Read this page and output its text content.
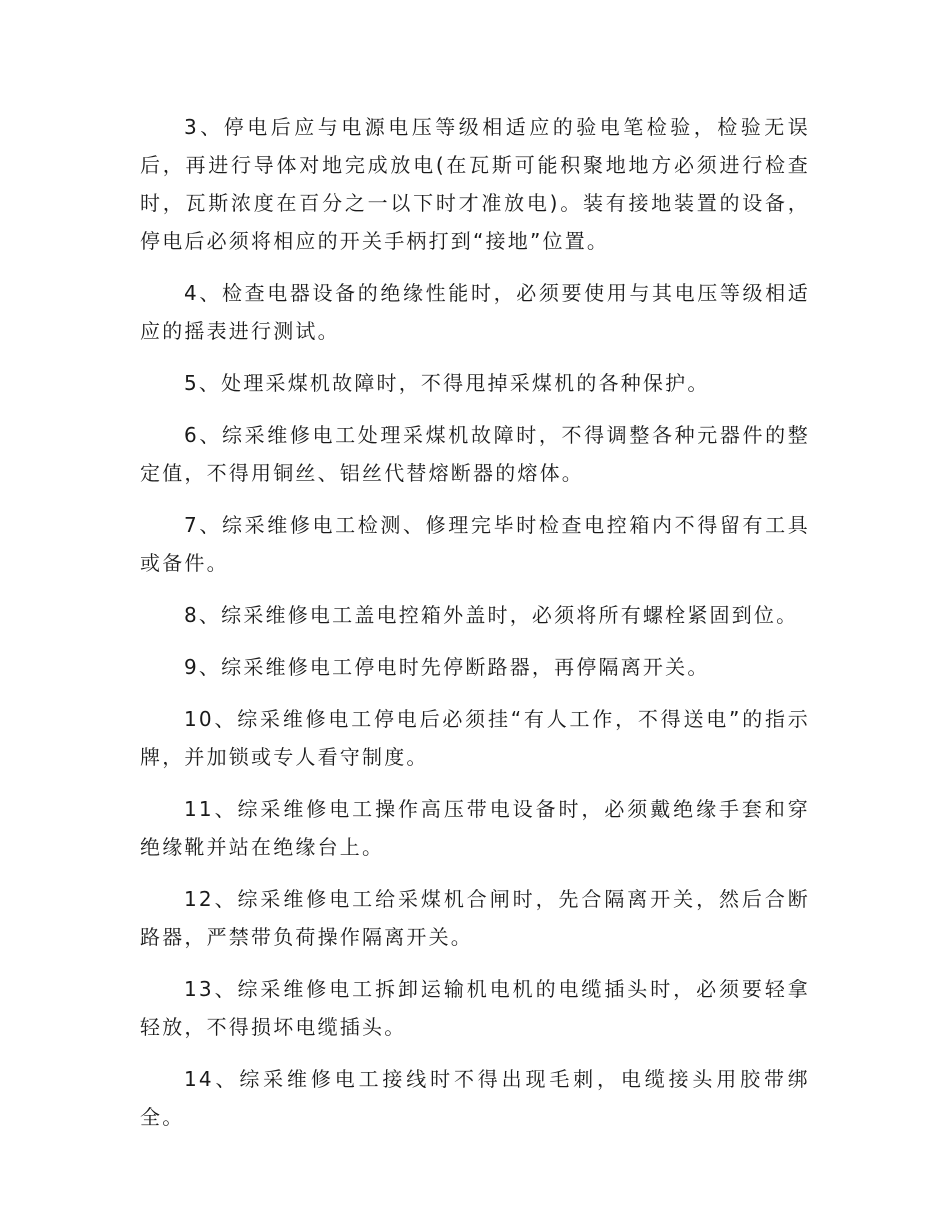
3、停电后应与电源电压等级相适应的验电笔检验，检验无误后，再进行导体对地完成放电(在瓦斯可能积聚地地方必须进行检查时，瓦斯浓度在百分之一以下时才准放电)。装有接地装置的设备，停电后必须将相应的开关手柄打到“接地”位置。

4、检查电器设备的绝缘性能时，必须要使用与其电压等级相适应的摇表进行测试。

5、处理采煤机故障时，不得甩掉采煤机的各种保护。

6、综采维修电工处理采煤机故障时，不得调整各种元器件的整定值，不得用铜丝、铝丝代替熔断器的熔体。

7、综采维修电工检测、修理完毕时检查电控箱内不得留有工具或备件。

8、综采维修电工盖电控箱外盖时，必须将所有螺栓紧固到位。

9、综采维修电工停电时先停断路器，再停隔离开关。

10、综采维修电工停电后必须挂“有人工作，不得送电”的指示牌，并加锁或专人看守制度。

11、综采维修电工操作高压带电设备时，必须戴绝缘手套和穿绝缘靴并站在绝缘台上。

12、综采维修电工给采煤机合闸时，先合隔离开关，然后合断路器，严禁带负荷操作隔离开关。

13、综采维修电工拆卸运输机电机的电缆插头时，必须要轻拿轻放，不得损坏电缆插头。

14、综采维修电工接线时不得出现毛刺，电缆接头用胶带绑全。
